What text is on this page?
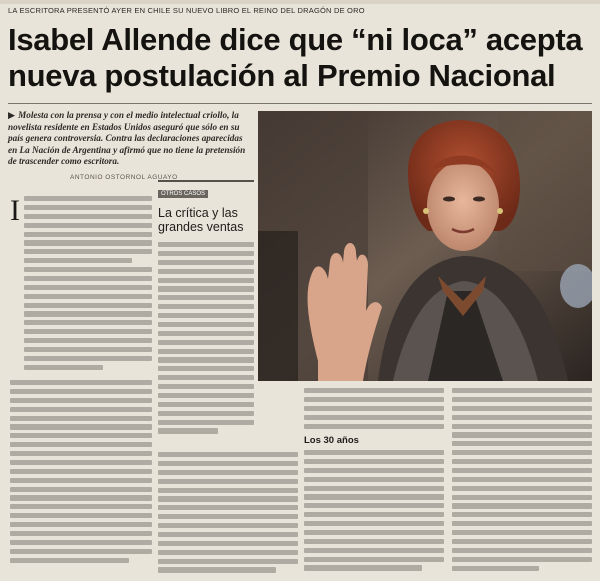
LA ESCRITORA PRESENTÓ AYER EN CHILE SU NUEVO LIBRO EL REINO DEL DRAGÓN DE ORO
Isabel Allende dice que “ni loca” acepta nueva postulación al Premio Nacional

▶ Molesta con la prensa y con el medio intelectual criollo, la novelista residente en Estados Unidos aseguró que sólo en su país genera controversia. Contra las declaraciones aparecidas en La Nación de Argentina y afirmó que no tiene la pretensión de trascender como escritora.

ANTONIO OSTORNOL AGUAYO
I	OTROS CASOS
La crítica y las grandes ventas
Los 30 años
